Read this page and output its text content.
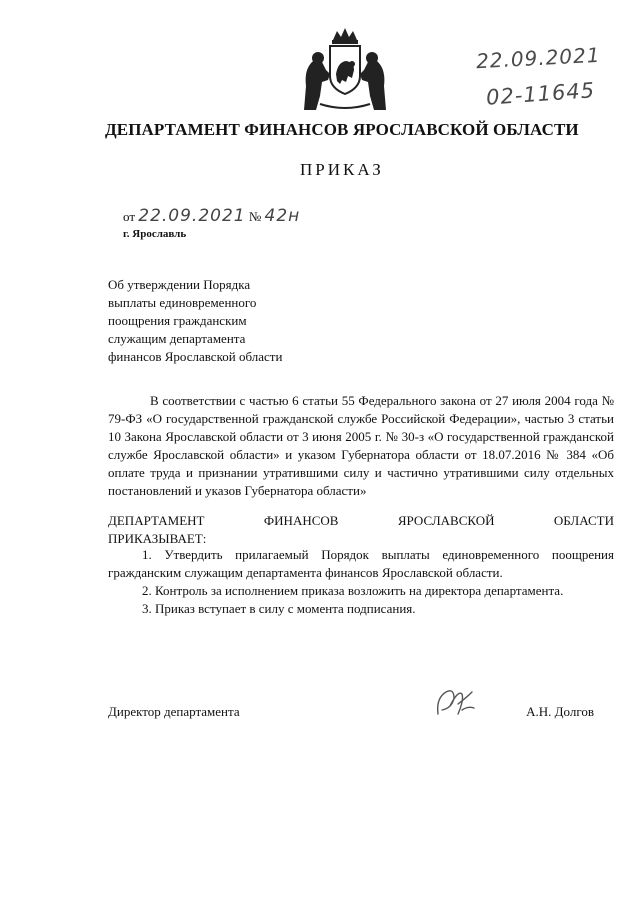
22.09.2021
02-11645
ДЕПАРТАМЕНТ ФИНАНСОВ ЯРОСЛАВСКОЙ ОБЛАСТИ
ПРИКАЗ
от 22.09.2021 № 42н
г. Ярославль
Об утверждении Порядка
выплаты единовременного
поощрения гражданским
служащим департамента
финансов Ярославской области
В соответствии с частью 6 статьи 55 Федерального закона от 27 июля 2004 года № 79-ФЗ «О государственной гражданской службе Российской Федерации», частью 3 статьи 10 Закона Ярославской области от 3 июня 2005 г. № 30-з «О государственной гражданской службе Ярославской области» и указом Губернатора области от 18.07.2016 № 384 «Об оплате труда и признании утратившими силу и частично утратившими силу отдельных постановлений и указов Губернатора области»
ДЕПАРТАМЕНТ	ФИНАНСОВ	ЯРОСЛАВСКОЙ	ОБЛАСТИ
ПРИКАЗЫВАЕТ:

1. Утвердить прилагаемый Порядок выплаты единовременного поощрения гражданским служащим департамента финансов Ярославской области.

2. Контроль за исполнением приказа возложить на директора департамента.

3. Приказ вступает в силу с момента подписания.

Директор департамента	А.Н. Долгов
